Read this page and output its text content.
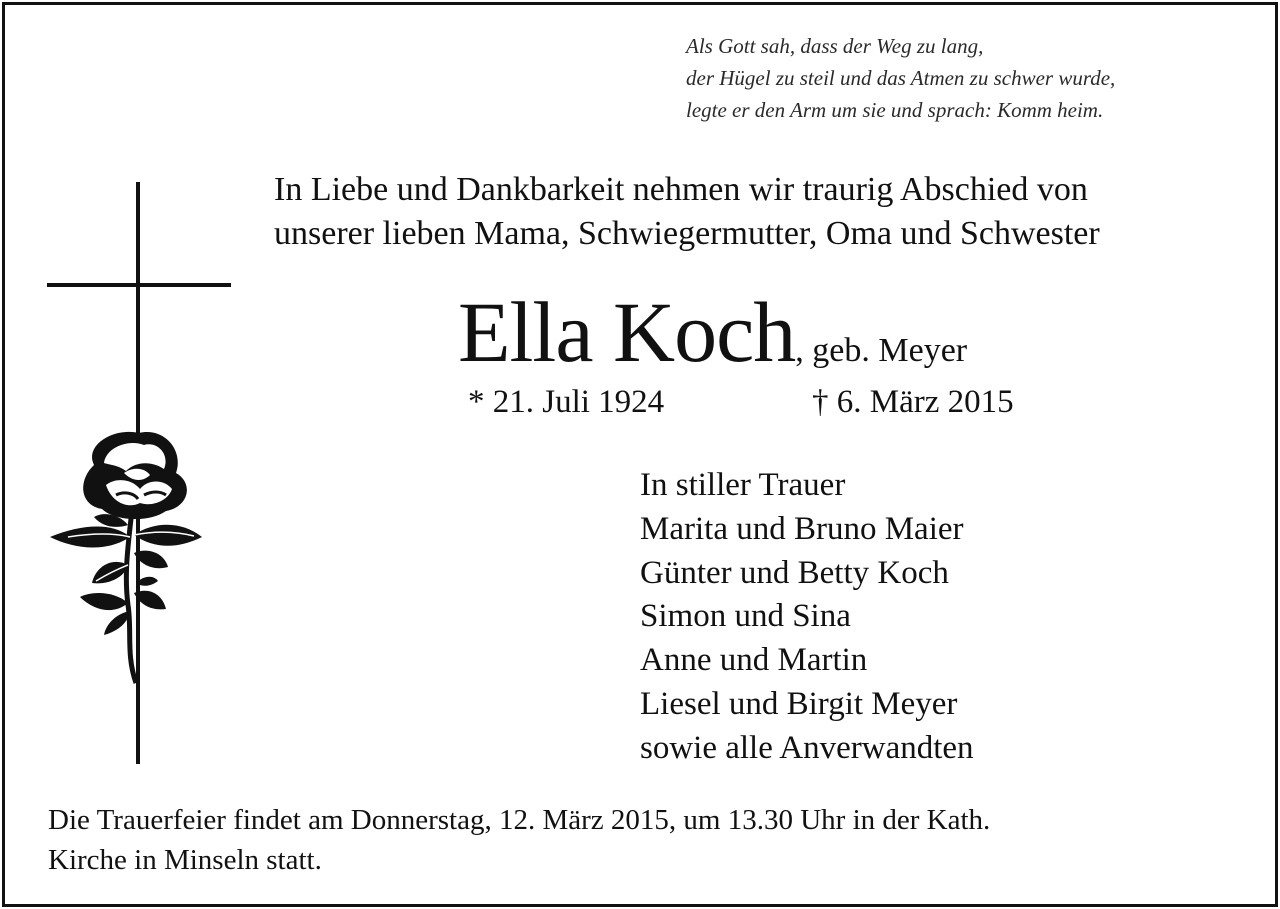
Als Gott sah, dass der Weg zu lang,
der Hügel zu steil und das Atmen zu schwer wurde,
legte er den Arm um sie und sprach: Komm heim.
In Liebe und Dankbarkeit nehmen wir traurig Abschied von
unserer lieben Mama, Schwiegermutter, Oma und Schwester
Ella Koch, geb. Meyer
* 21. Juli 1924	† 6. März 2015
In stiller Trauer
Marita und Bruno Maier
Günter und Betty Koch
Simon und Sina
Anne und Martin
Liesel und Birgit Meyer
sowie alle Anverwandten
Die Trauerfeier findet am Donnerstag, 12. März 2015, um 13.30 Uhr in der Kath.
Kirche in Minseln statt.
